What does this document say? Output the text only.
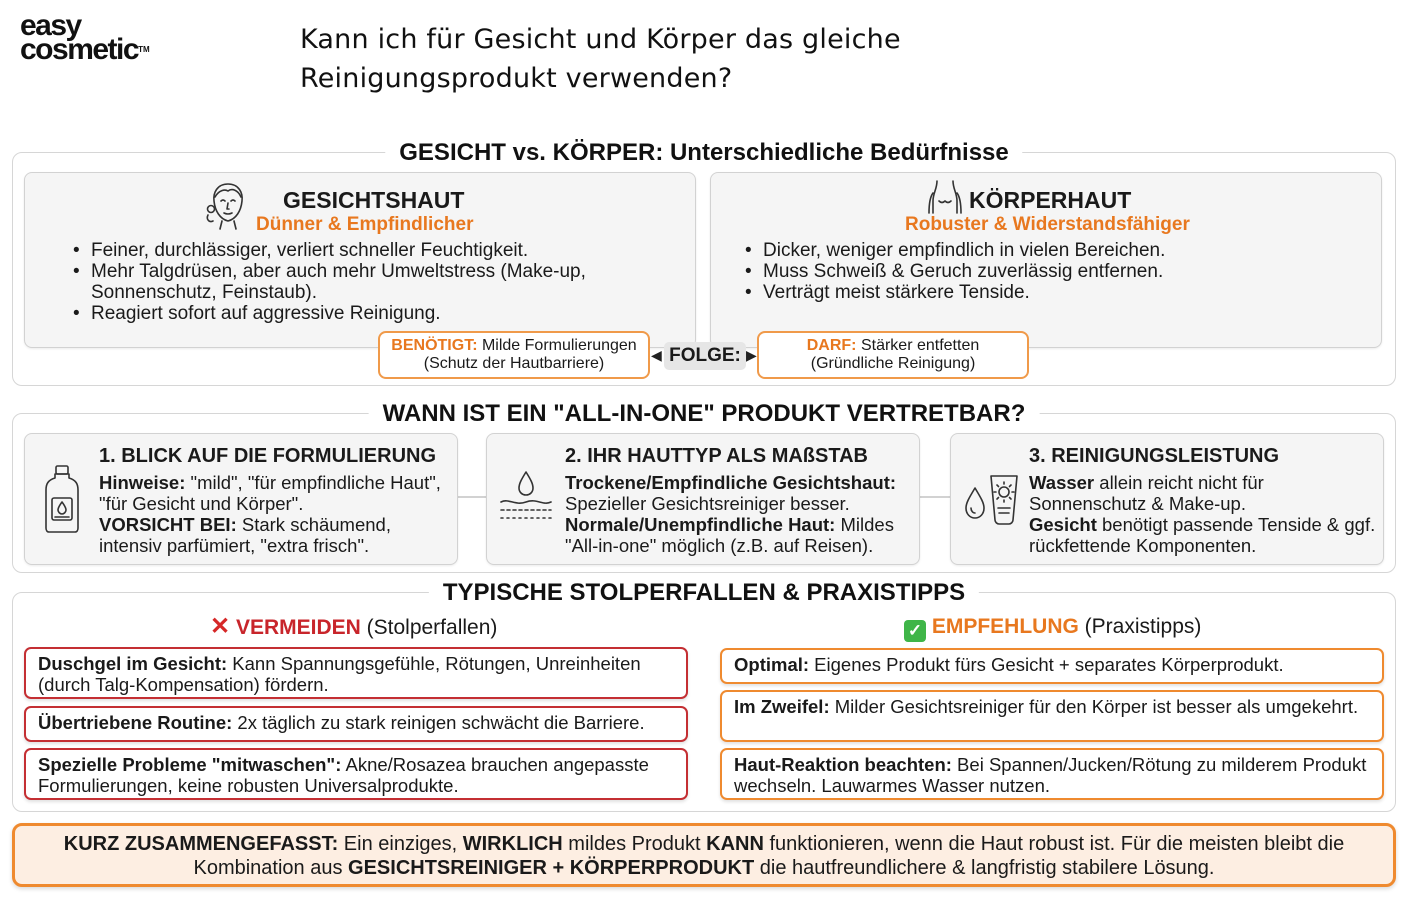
easy
cosmetic™	Kann ich für Gesicht und Körper das gleiche
Reinigungsprodukt verwenden?
GESICHT vs. KÖRPER: Unterschiedliche Bedürfnisse
GESICHTSHAUT
Dünner & Empfindlicher
• Feiner, durchlässiger, verliert schneller Feuchtigkeit.
• Mehr Talgdrüsen, aber auch mehr Umweltstress (Make-up, Sonnenschutz, Feinstaub).
• Reagiert sofort auf aggressive Reinigung.
KÖRPERHAUT
Robuster & Widerstandsfähiger
• Dicker, weniger empfindlich in vielen Bereichen.
• Muss Schweiß & Geruch zuverlässig entfernen.
• Verträgt meist stärkere Tenside.
BENÖTIGT: Milde Formulierungen
(Schutz der Hautbarriere)	◀ FOLGE: ▶
DARF: Stärker entfetten
(Gründliche Reinigung)
WANN IST EIN "ALL-IN-ONE" PRODUKT VERTRETBAR?
1. BLICK AUF DIE FORMULIERUNG
Hinweise: "mild", "für empfindliche Haut", "für Gesicht und Körper".
VORSICHT BEI: Stark schäumend, intensiv parfümiert, "extra frisch".
2. IHR HAUTTYP ALS MAßSTAB
Trockene/Empfindliche Gesichtshaut: Spezieller Gesichtsreiniger besser.
Normale/Unempfindliche Haut: Mildes "All-in-one" möglich (z.B. auf Reisen).
3. REINIGUNGSLEISTUNG
Wasser allein reicht nicht für Sonnenschutz & Make-up.
Gesicht benötigt passende Tenside & ggf. rückfettende Komponenten.
TYPISCHE STOLPERFALLEN & PRAXISTIPPS
✕ VERMEIDEN (Stolperfallen)	✓ EMPFEHLUNG (Praxistipps)
Duschgel im Gesicht: Kann Spannungsgefühle, Rötungen, Unreinheiten (durch Talg-Kompensation) fördern.
Übertriebene Routine: 2x täglich zu stark reinigen schwächt die Barriere.
Spezielle Probleme "mitwaschen": Akne/Rosazea brauchen angepasste Formulierungen, keine robusten Universalprodukte.
Optimal: Eigenes Produkt fürs Gesicht + separates Körperprodukt.
Im Zweifel: Milder Gesichtsreiniger für den Körper ist besser als umgekehrt.
Haut-Reaktion beachten: Bei Spannen/Jucken/Rötung zu milderem Produkt wechseln. Lauwarmes Wasser nutzen.
KURZ ZUSAMMENGEFASST: Ein einziges, WIRKLICH mildes Produkt KANN funktionieren, wenn die Haut robust ist. Für die meisten bleibt die Kombination aus GESICHTSREINIGER + KÖRPERPRODUKT die hautfreundlichere & langfristig stabilere Lösung.
